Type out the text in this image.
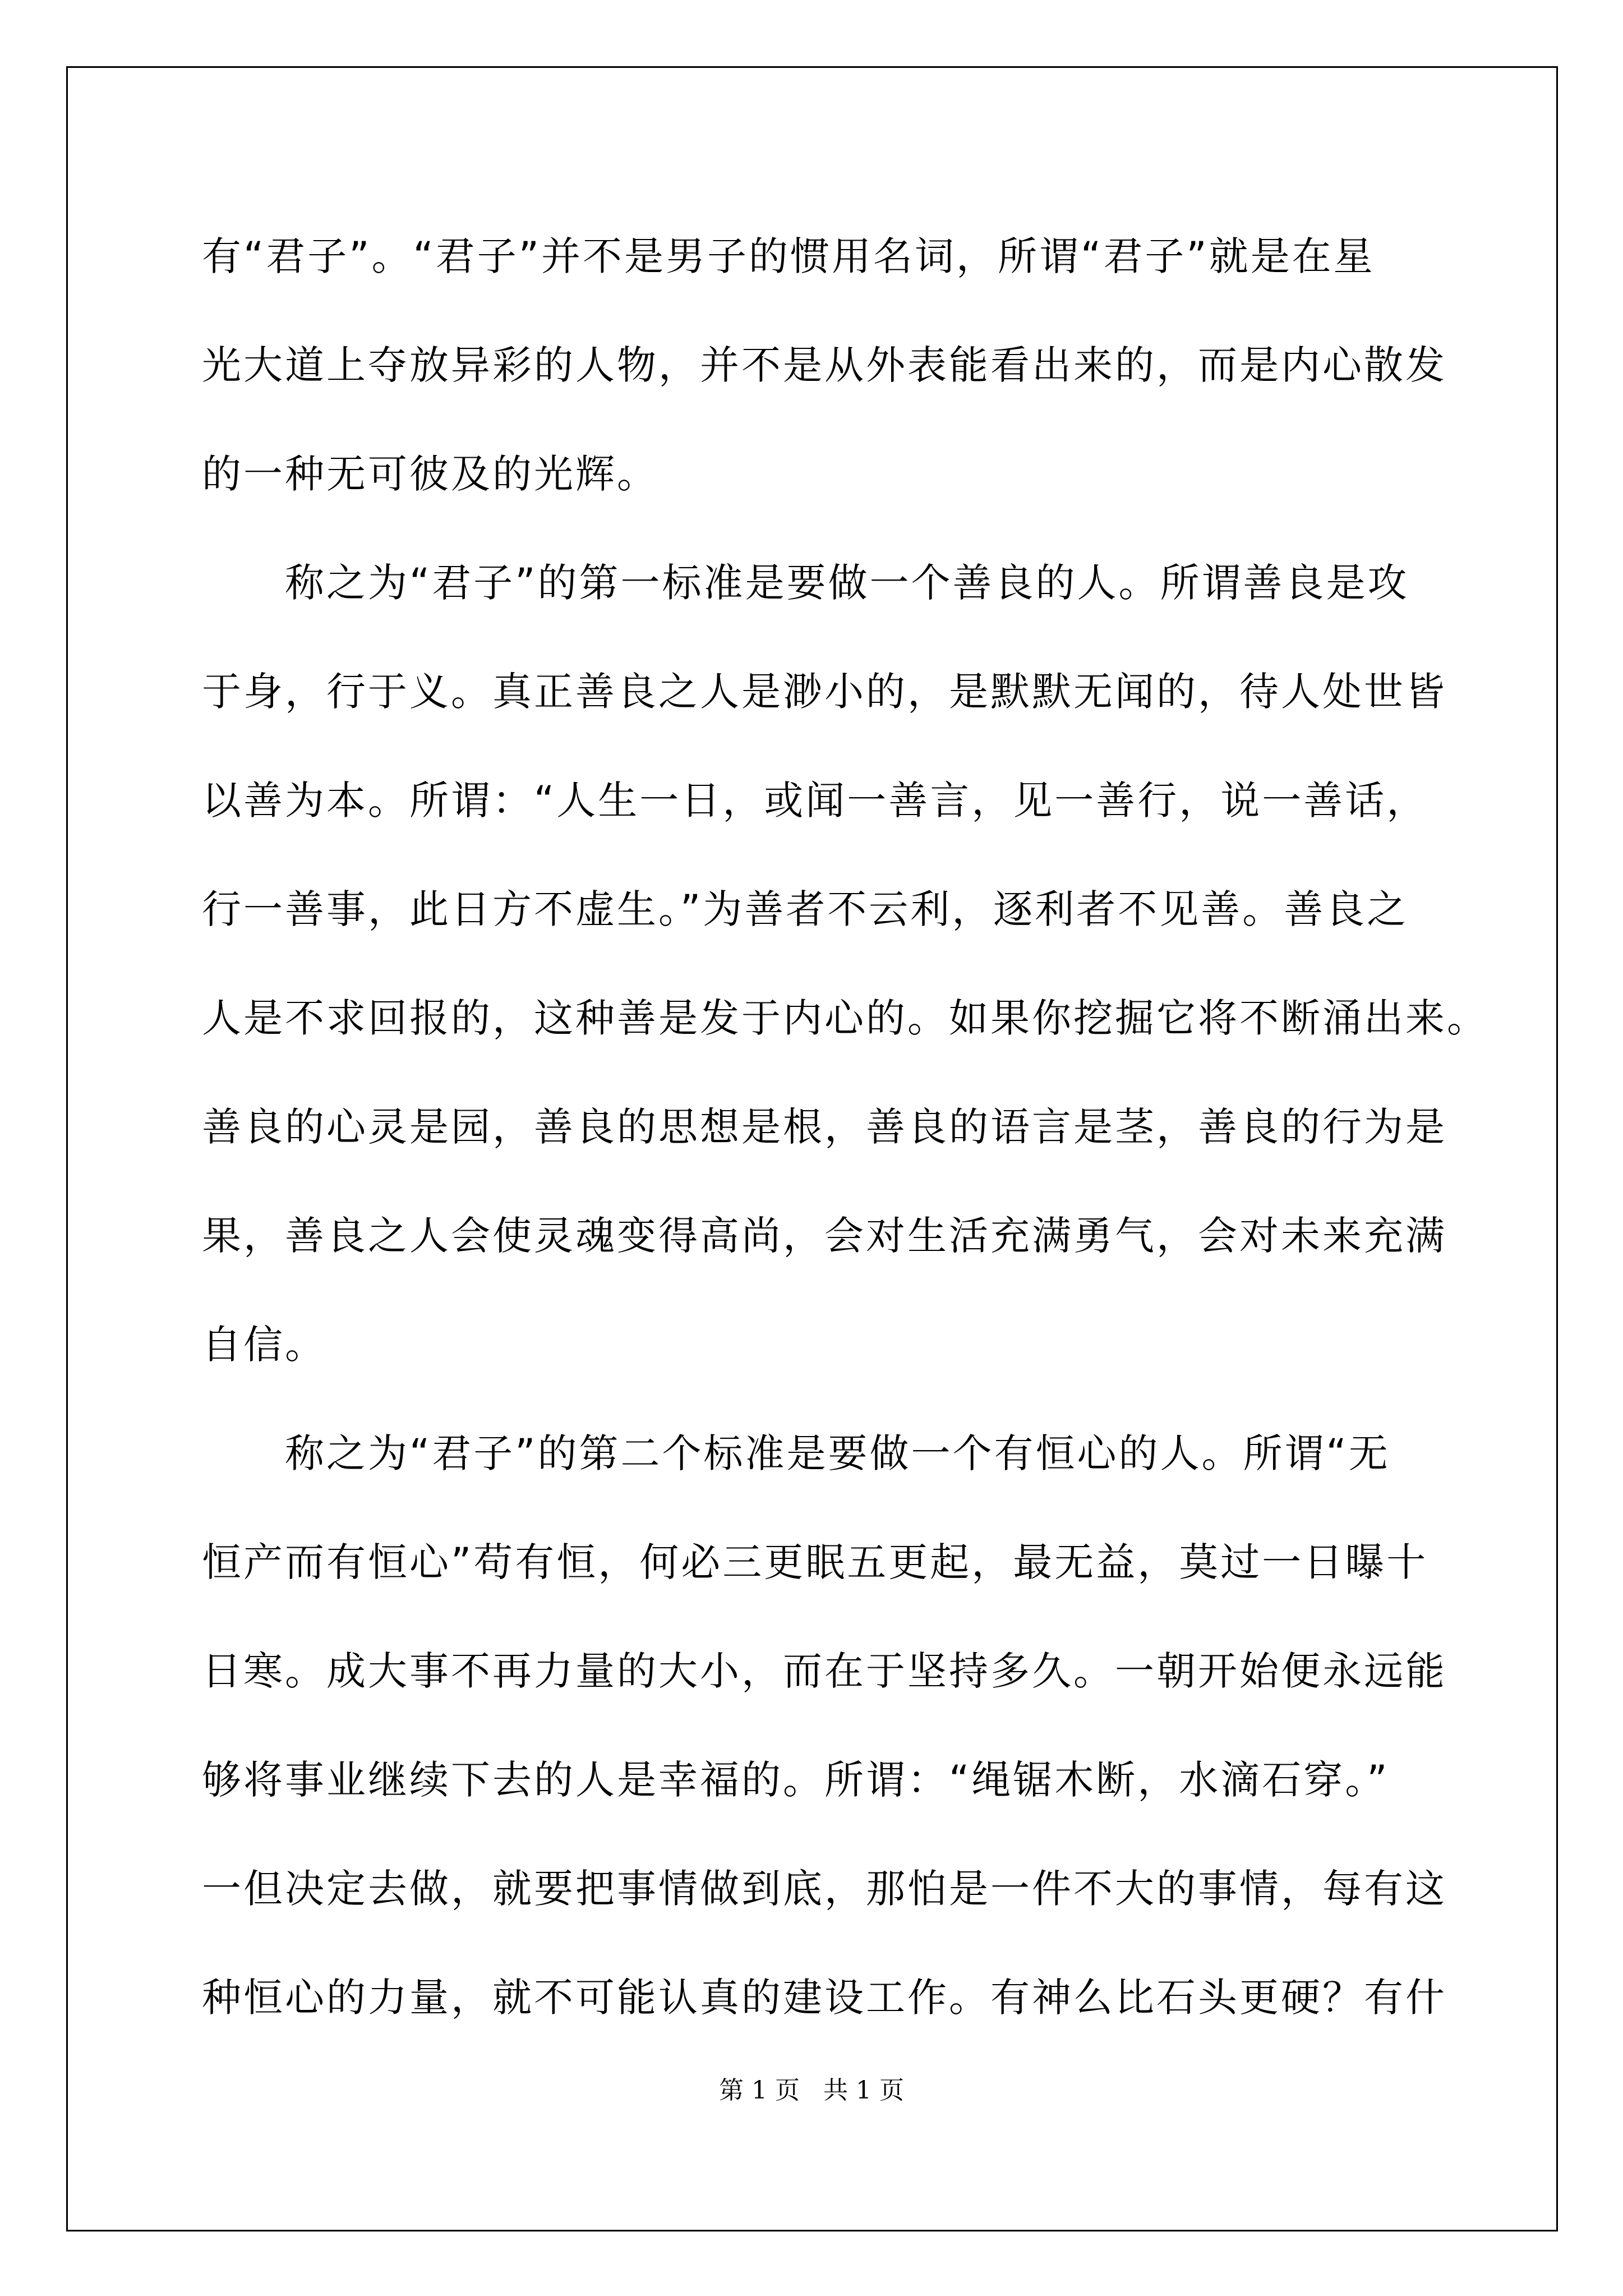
有“君子”。“君子”并不是男子的惯用名词，所谓“君子”就是在星
光大道上夺放异彩的人物，并不是从外表能看出来的，而是内心散发
的一种无可彼及的光辉。

称之为“君子”的第一标准是要做一个善良的人。所谓善良是攻
于身，行于义。真正善良之人是渺小的，是默默无闻的，待人处世皆
以善为本。所谓：“人生一日，或闻一善言，见一善行，说一善话，
行一善事，此日方不虚生。”为善者不云利，逐利者不见善。善良之
人是不求回报的，这种善是发于内心的。如果你挖掘它将不断涌出来。
善良的心灵是园，善良的思想是根，善良的语言是茎，善良的行为是
果，善良之人会使灵魂变得高尚，会对生活充满勇气，会对未来充满
自信。

称之为“君子”的第二个标准是要做一个有恒心的人。所谓“无
恒产而有恒心”苟有恒，何必三更眠五更起，最无益，莫过一日曝十
日寒。成大事不再力量的大小，而在于坚持多久。一朝开始便永远能
够将事业继续下去的人是幸福的。所谓：“绳锯木断，水滴石穿。”
一但决定去做，就要把事情做到底，那怕是一件不大的事情，每有这
种恒心的力量，就不可能认真的建设工作。有神么比石头更硬？有什

第 1 页 共 1 页
